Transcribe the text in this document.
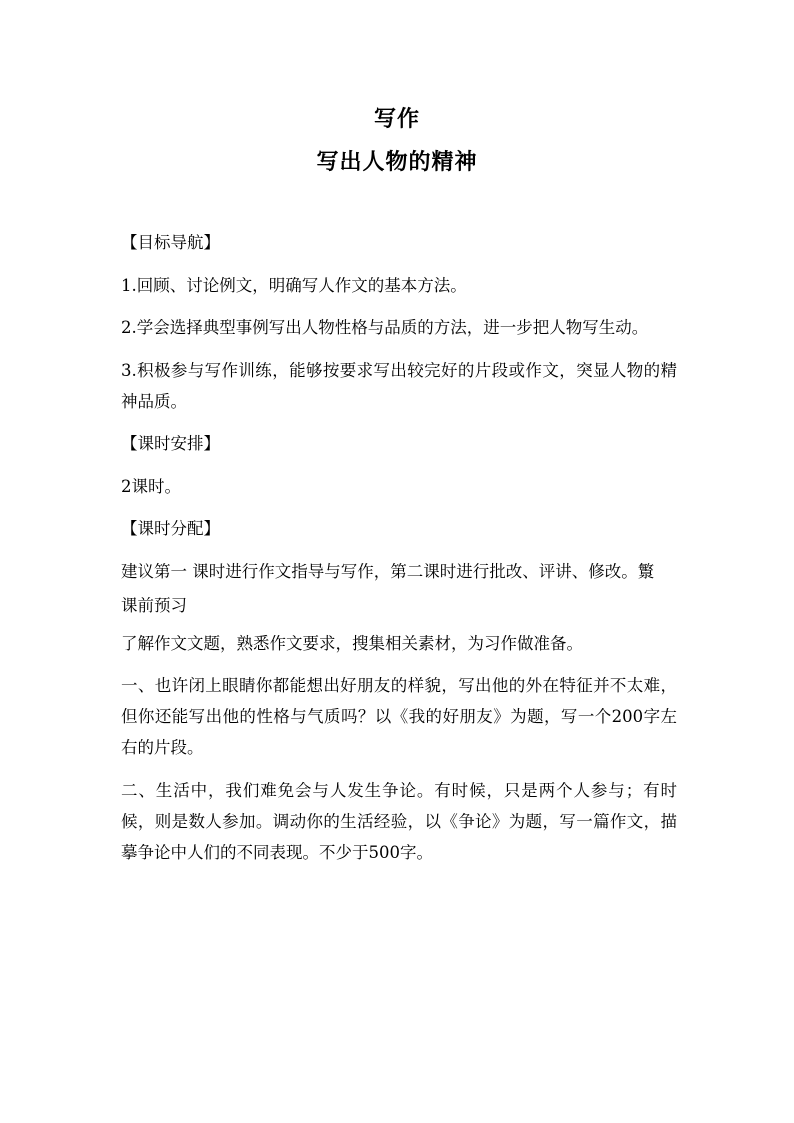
写作
写出人物的精神

【目标导航】

1.回顾、讨论例文，明确写人作文的基本方法。

2.学会选择典型事例写出人物性格与品质的方法，进一步把人物写生动。

3.积极参与写作训练，能够按要求写出较完好的片段或作文，突显人物的精神品质。

【课时安排】

2课时。

【课时分配】

建议第一 课时进行作文指导与写作，第二课时进行批改、评讲、修改。瀪

课前预习

了解作文文题，熟悉作文要求，搜集相关素材，为习作做准备。

一、也许闭上眼睛你都能想出好朋友的样貌，写出他的外在特征并不太难，但你还能写出他的性格与气质吗？以《我的好朋友》为题，写一个200字左右的片段。

二、生活中，我们难免会与人发生争论。有时候，只是两个人参与；有时候，则是数人参加。调动你的生活经验，以《争论》为题，写一篇作文，描摹争论中人们的不同表现。不少于500字。
